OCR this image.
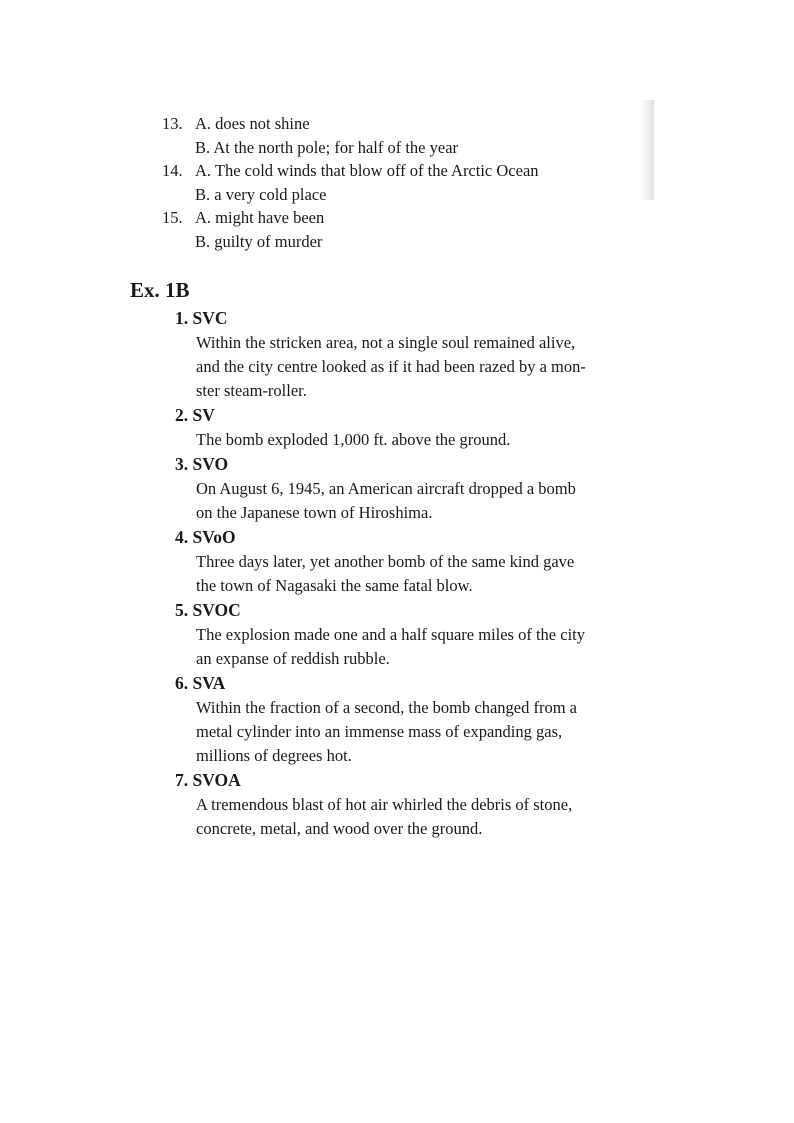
13. A. does not shine
B. At the north pole; for half of the year
14. A. The cold winds that blow off of the Arctic Ocean
B. a very cold place
15. A. might have been
B. guilty of murder
Ex. 1B
1. SVC
Within the stricken area, not a single soul remained alive,
and the city centre looked as if it had been razed by a mon-
ster steam-roller.
2. SV
The bomb exploded 1,000 ft. above the ground.
3. SVO
On August 6, 1945, an American aircraft dropped a bomb
on the Japanese town of Hiroshima.
4. SVoO
Three days later, yet another bomb of the same kind gave
the town of Nagasaki the same fatal blow.
5. SVOC
The explosion made one and a half square miles of the city
an expanse of reddish rubble.
6. SVA
Within the fraction of a second, the bomb changed from a
metal cylinder into an immense mass of expanding gas,
millions of degrees hot.
7. SVOA
A tremendous blast of hot air whirled the debris of stone,
concrete, metal, and wood over the ground.
